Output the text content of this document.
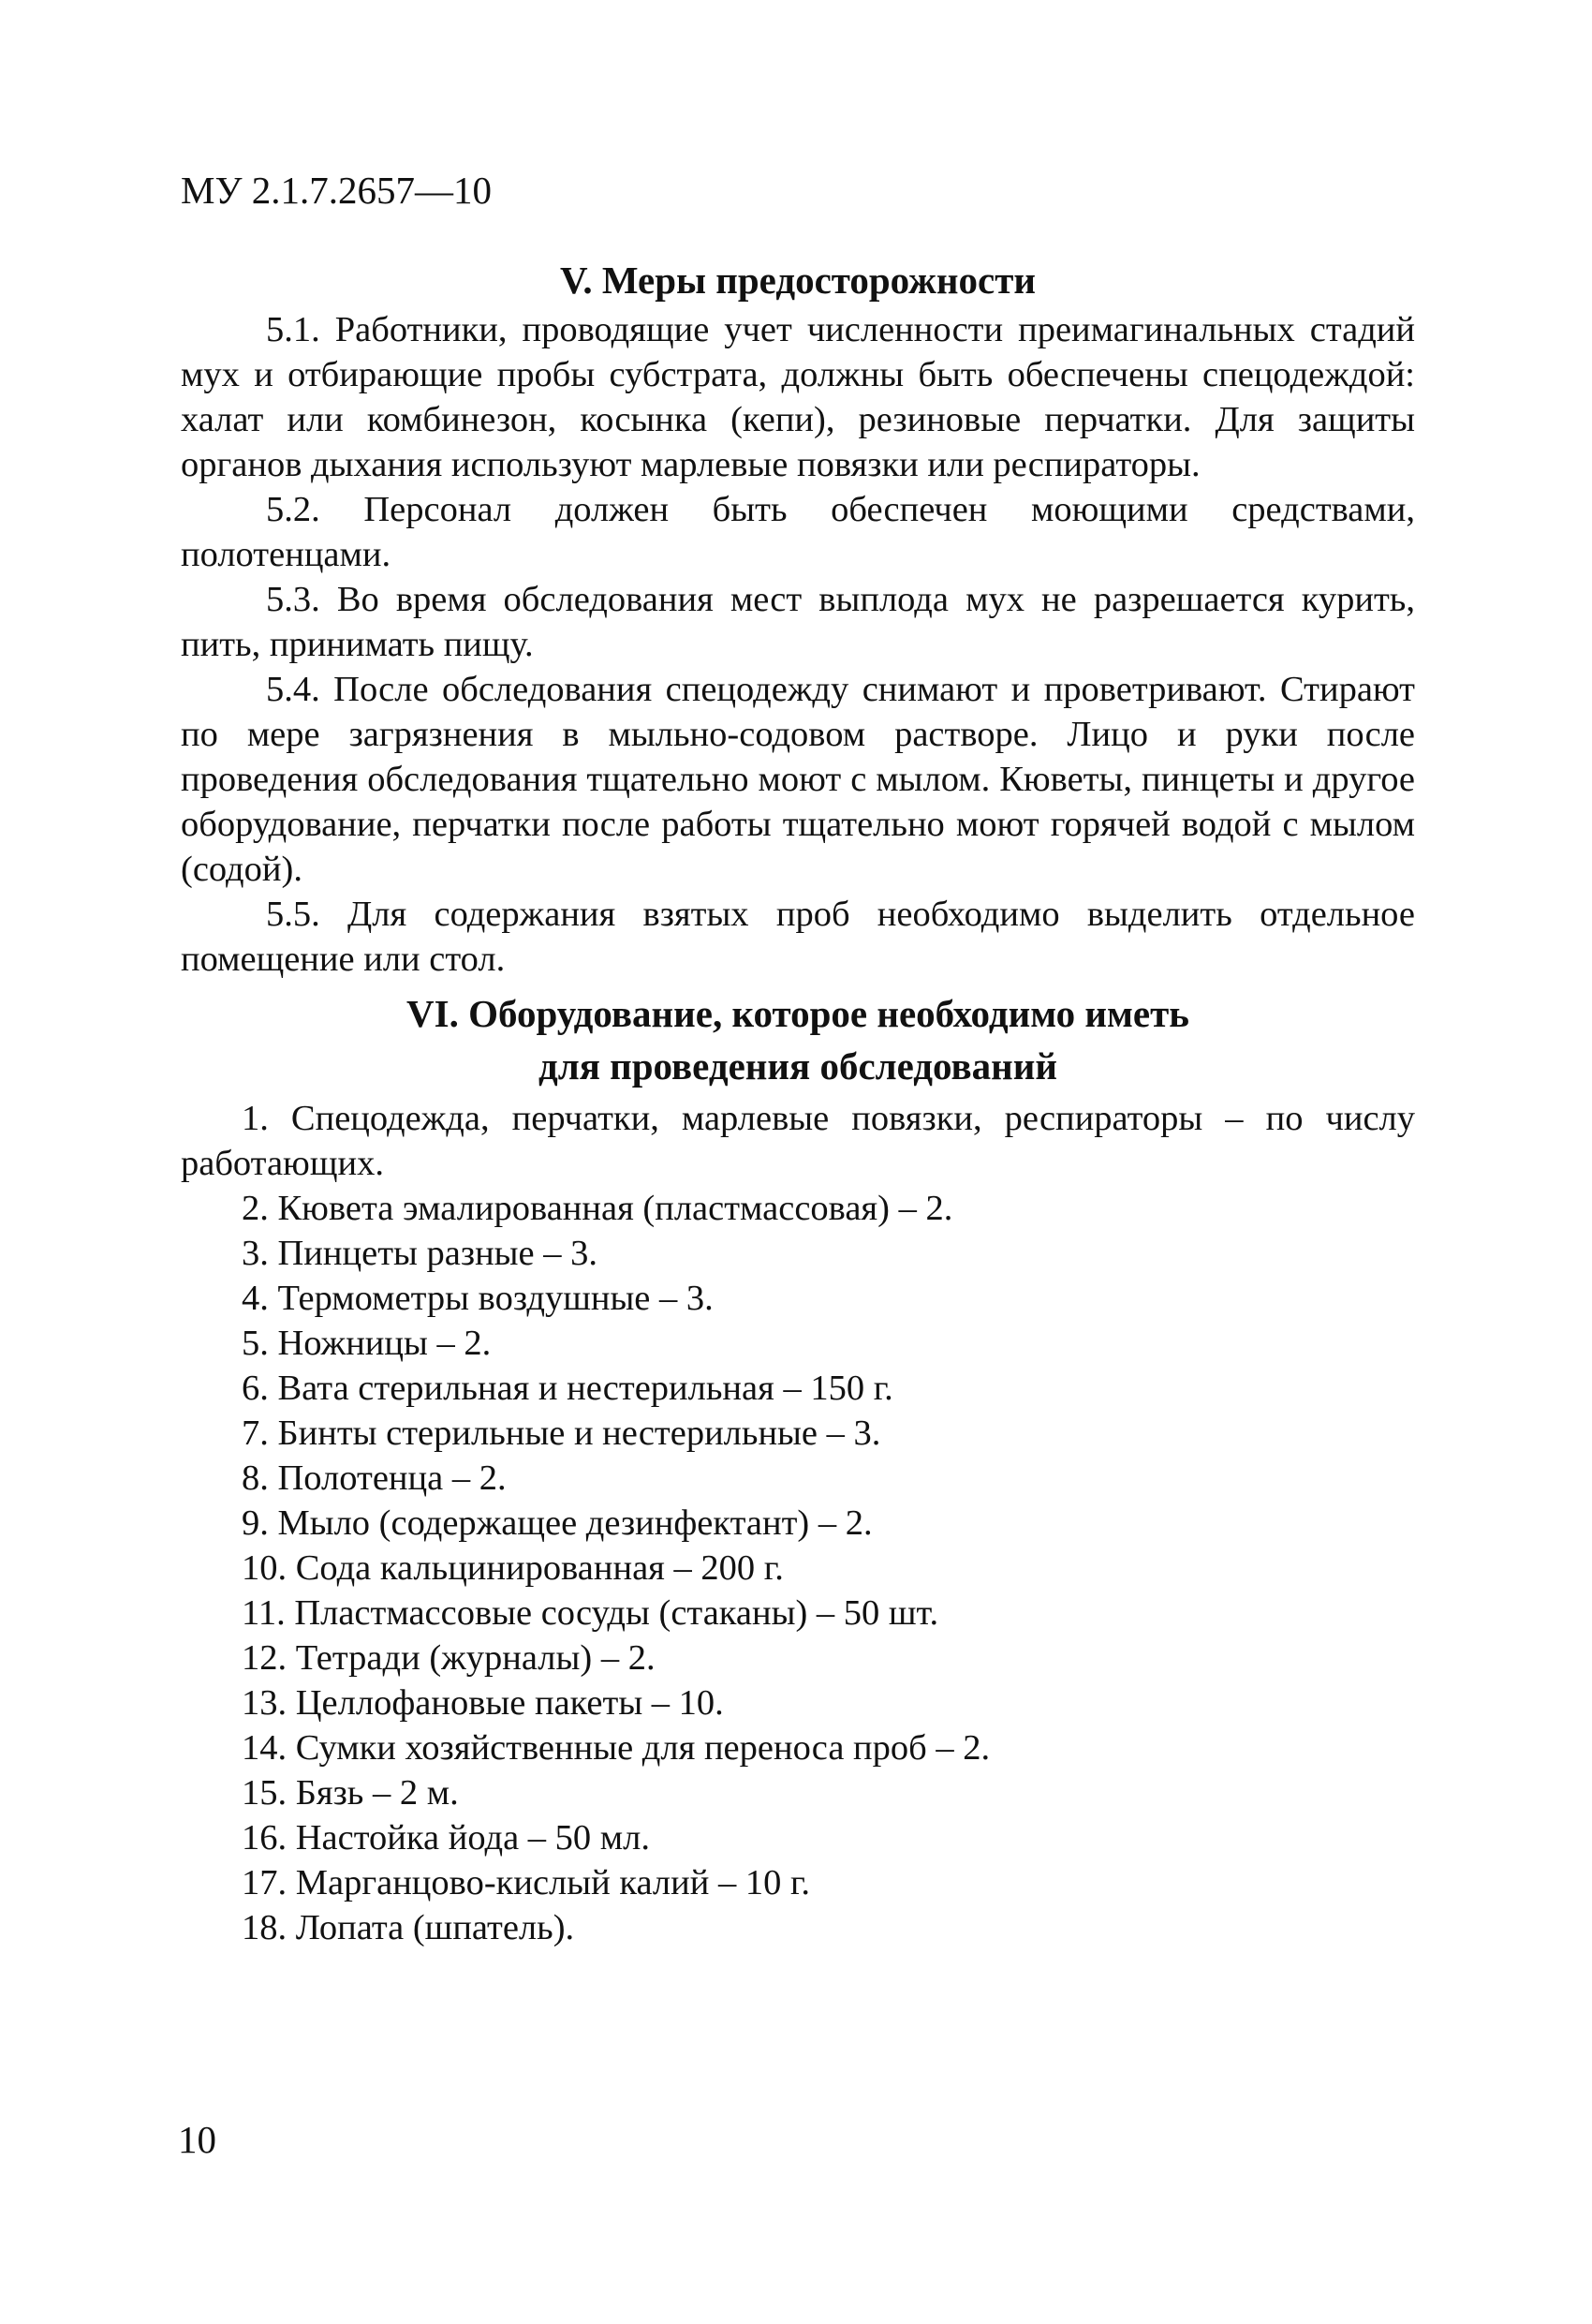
МУ 2.1.7.2657—10
V. Меры предосторожности

5.1. Работники, проводящие учет численности преимагинальных стадий мух и отбирающие пробы субстрата, должны быть обеспечены спецодеждой: халат или комбинезон, косынка (кепи), резиновые перчатки. Для защиты органов дыхания используют марлевые повязки или респираторы.

5.2. Персонал должен быть обеспечен моющими средствами, полотенцами.

5.3. Во время обследования мест выплода мух не разрешается курить, пить, принимать пищу.

5.4. После обследования спецодежду снимают и проветривают. Стирают по мере загрязнения в мыльно-содовом растворе. Лицо и руки после проведения обследования тщательно моют с мылом. Кюветы, пинцеты и другое оборудование, перчатки после работы тщательно моют горячей водой с мылом (содой).

5.5. Для содержания взятых проб необходимо выделить отдельное помещение или стол.

VI. Оборудование, которое необходимо иметь
для проведения обследований
1. Спецодежда, перчатки, марлевые повязки, респираторы – по числу работающих.
2. Кювета эмалированная (пластмассовая) – 2.
3. Пинцеты разные – 3.
4. Термометры воздушные – 3.
5. Ножницы – 2.
6. Вата стерильная и нестерильная – 150 г.
7. Бинты стерильные и нестерильные – 3.
8. Полотенца – 2.
9. Мыло (содержащее дезинфектант) – 2.
10. Сода кальцинированная – 200 г.
11. Пластмассовые сосуды (стаканы) – 50 шт.
12. Тетради (журналы) – 2.
13. Целлофановые пакеты – 10.
14. Сумки хозяйственные для переноса проб – 2.
15. Бязь – 2 м.
16. Настойка йода – 50 мл.
17. Марганцово-кислый калий – 10 г.
18. Лопата (шпатель).
10
